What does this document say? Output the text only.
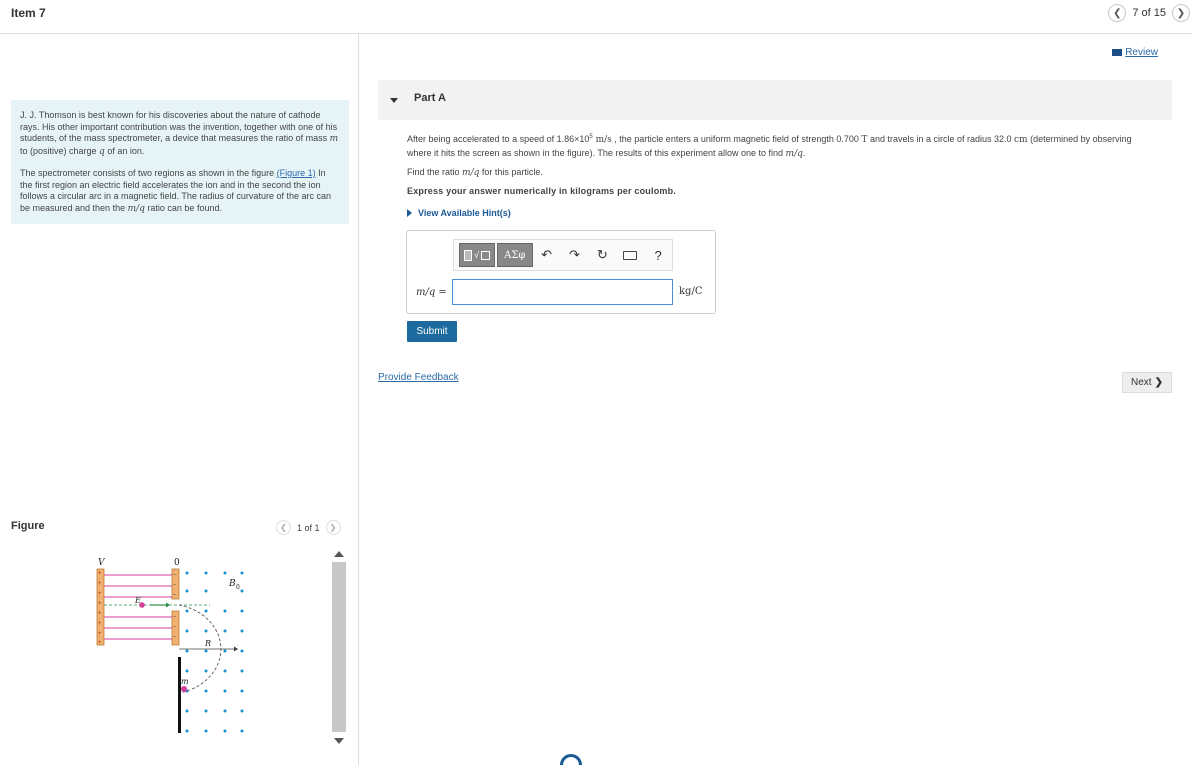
Item 7	❮ 7 of 15 ❯
Review

J. J. Thomson is best known for his discoveries about the nature of cathode rays. His other important contribution was the invention, together with one of his students, of the mass spectrometer, a device that measures the ratio of mass m to (positive) charge q of an ion.

The spectrometer consists of two regions as shown in the figure (Figure 1) In the first region an electric field accelerates the ion and in the second the ion follows a circular arc in a magnetic field. The radius of curvature of the arc can be measured and then the m/q ratio can be found.

Figure	❮ 1 of 1 ❯
+
+
+
+
+
+
+
+
–
–
–
–
–
–
V	0
E
B 0
R
m
Part A
After being accelerated to a speed of $1.86\times 10^5$ m/s , the particle enters a uniform magnetic field of strength 0.700 T and travels in a circle of radius 32.0 cm (determined by observing where it hits the screen as shown in the figure). The results of this experiment allow one to find m/q.
Find the ratio m/q for this particle.
Express your answer numerically in kilograms per coulomb.
View Available Hint(s)
√	ΑΣφ	↶	↷	↻	?
m/q =	kg/C
Submit
Provide Feedback	Next ❯
